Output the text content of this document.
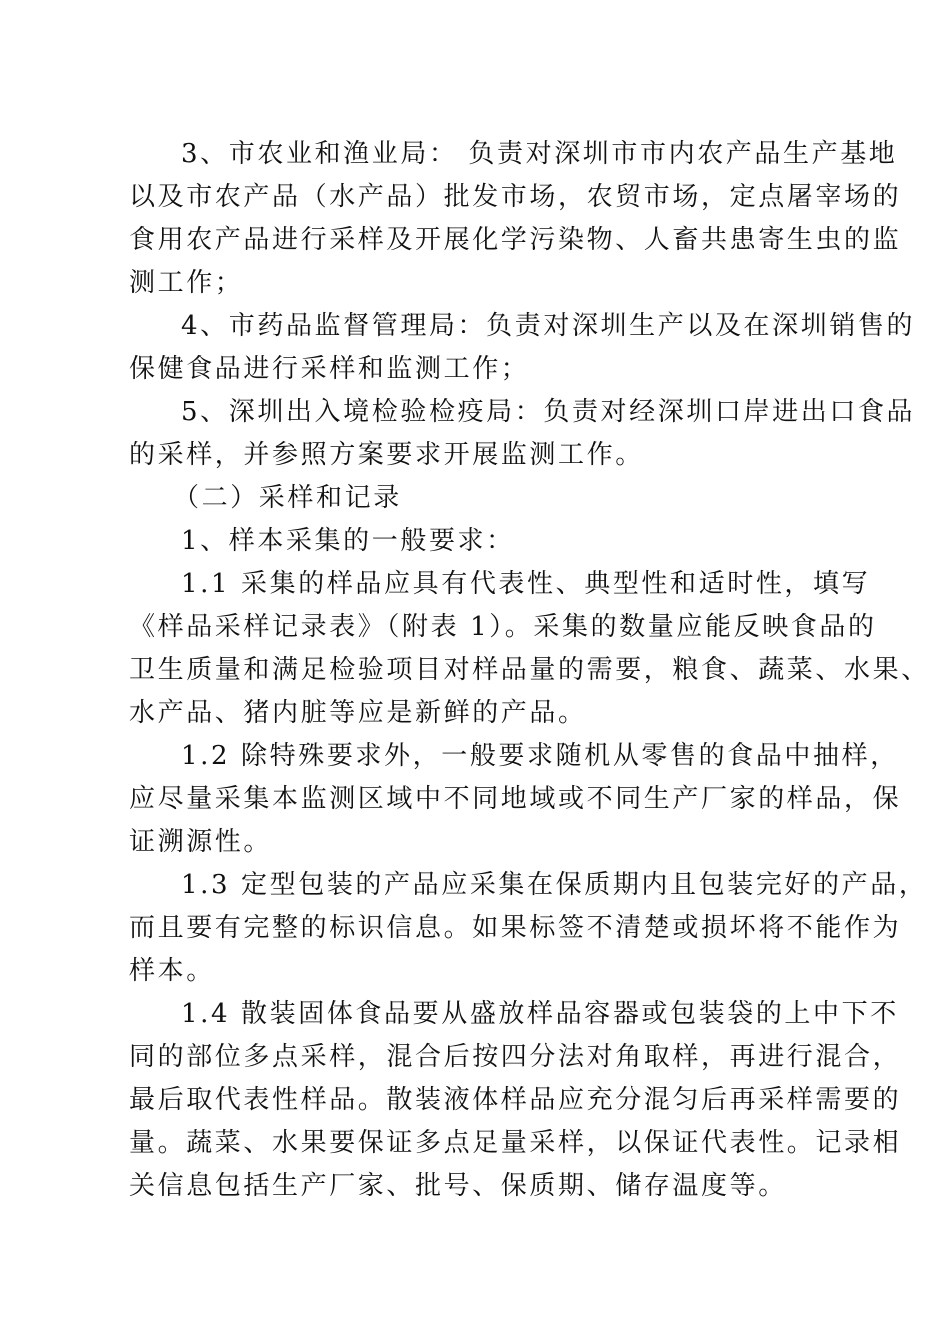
3、市农业和渔业局： 负责对深圳市市内农产品生产基地
以及市农产品（水产品）批发市场，农贸市场，定点屠宰场的
食用农产品进行采样及开展化学污染物、人畜共患寄生虫的监
测工作；
4、市药品监督管理局：负责对深圳生产以及在深圳销售的
保健食品进行采样和监测工作；
5、深圳出入境检验检疫局：负责对经深圳口岸进出口食品
的采样，并参照方案要求开展监测工作。
（二）采样和记录
1、样本采集的一般要求：
1.1 采集的样品应具有代表性、典型性和适时性，填写
《样品采样记录表》（附表 1）。采集的数量应能反映食品的
卫生质量和满足检验项目对样品量的需要，粮食、蔬菜、水果、
水产品、猪内脏等应是新鲜的产品。
1.2 除特殊要求外，一般要求随机从零售的食品中抽样，
应尽量采集本监测区域中不同地域或不同生产厂家的样品，保
证溯源性。
1.3 定型包装的产品应采集在保质期内且包装完好的产品，
而且要有完整的标识信息。如果标签不清楚或损坏将不能作为
样本。
1.4 散装固体食品要从盛放样品容器或包装袋的上中下不
同的部位多点采样，混合后按四分法对角取样，再进行混合，
最后取代表性样品。散装液体样品应充分混匀后再采样需要的
量。蔬菜、水果要保证多点足量采样，以保证代表性。记录相
关信息包括生产厂家、批号、保质期、储存温度等。
